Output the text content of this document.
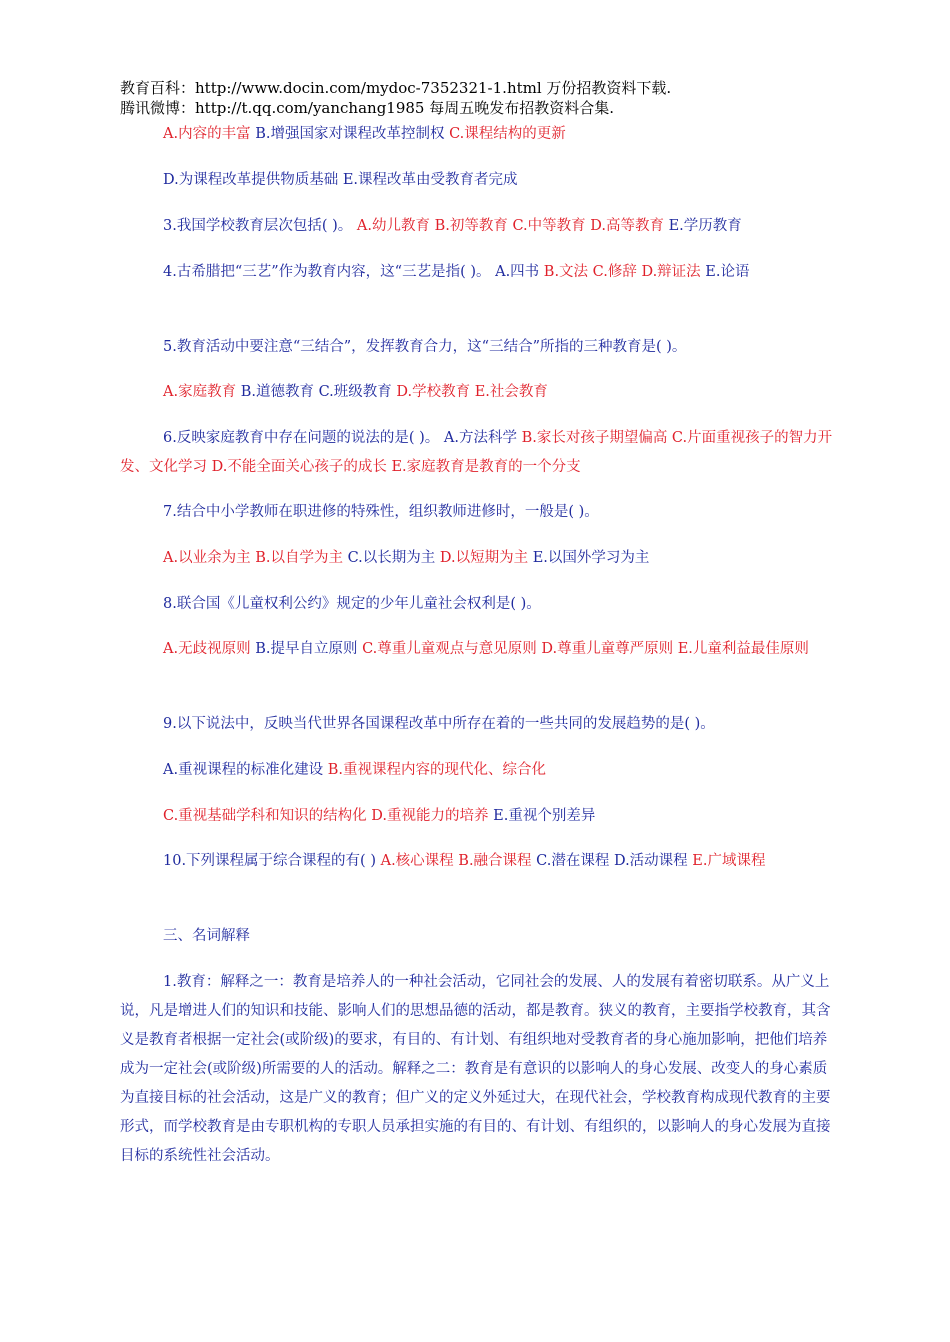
教育百科：http://www.docin.com/mydoc-7352321-1.html 万份招教资料下载.
腾讯微博：http://t.qq.com/yanchang1985 每周五晚发布招教资料合集.
A.内容的丰富 B.增强国家对课程改革控制权 C.课程结构的更新
D.为课程改革提供物质基础 E.课程改革由受教育者完成
3.我国学校教育层次包括( )。 A.幼儿教育 B.初等教育 C.中等教育 D.高等教育 E.学历教育
4.古希腊把“三艺”作为教育内容，这“三艺是指( )。 A.四书 B.文法 C.修辞 D.辩证法 E.论语
5.教育活动中要注意“三结合”，发挥教育合力，这“三结合”所指的三种教育是( )。
A.家庭教育 B.道德教育 C.班级教育 D.学校教育 E.社会教育
6.反映家庭教育中存在问题的说法的是( )。 A.方法科学 B.家长对孩子期望偏高 C.片面重视孩子的智力开发、文化学习 D.不能全面关心孩子的成长 E.家庭教育是教育的一个分支
7.结合中小学教师在职进修的特殊性，组织教师进修时，一般是( )。
A.以业余为主 B.以自学为主 C.以长期为主 D.以短期为主 E.以国外学习为主
8.联合国《儿童权利公约》规定的少年儿童社会权利是( )。
A.无歧视原则 B.提早自立原则 C.尊重儿童观点与意见原则 D.尊重儿童尊严原则 E.儿童利益最佳原则
9.以下说法中，反映当代世界各国课程改革中所存在着的一些共同的发展趋势的是( )。
A.重视课程的标准化建设 B.重视课程内容的现代化、综合化
C.重视基础学科和知识的结构化 D.重视能力的培养 E.重视个别差异
10.下列课程属于综合课程的有( ) A.核心课程 B.融合课程 C.潜在课程 D.活动课程 E.广域课程
三、名词解释
1.教育：解释之一：教育是培养人的一种社会活动，它同社会的发展、人的发展有着密切联系。从广义上说，凡是增进人们的知识和技能、影响人们的思想品德的活动，都是教育。狭义的教育，主要指学校教育，其含义是教育者根据一定社会(或阶级)的要求，有目的、有计划、有组织地对受教育者的身心施加影响，把他们培养成为一定社会(或阶级)所需要的人的活动。解释之二：教育是有意识的以影响人的身心发展、改变人的身心素质为直接目标的社会活动，这是广义的教育；但广义的定义外延过大，在现代社会，学校教育构成现代教育的主要形式，而学校教育是由专职机构的专职人员承担实施的有目的、有计划、有组织的，以影响人的身心发展为直接目标的系统性社会活动。
